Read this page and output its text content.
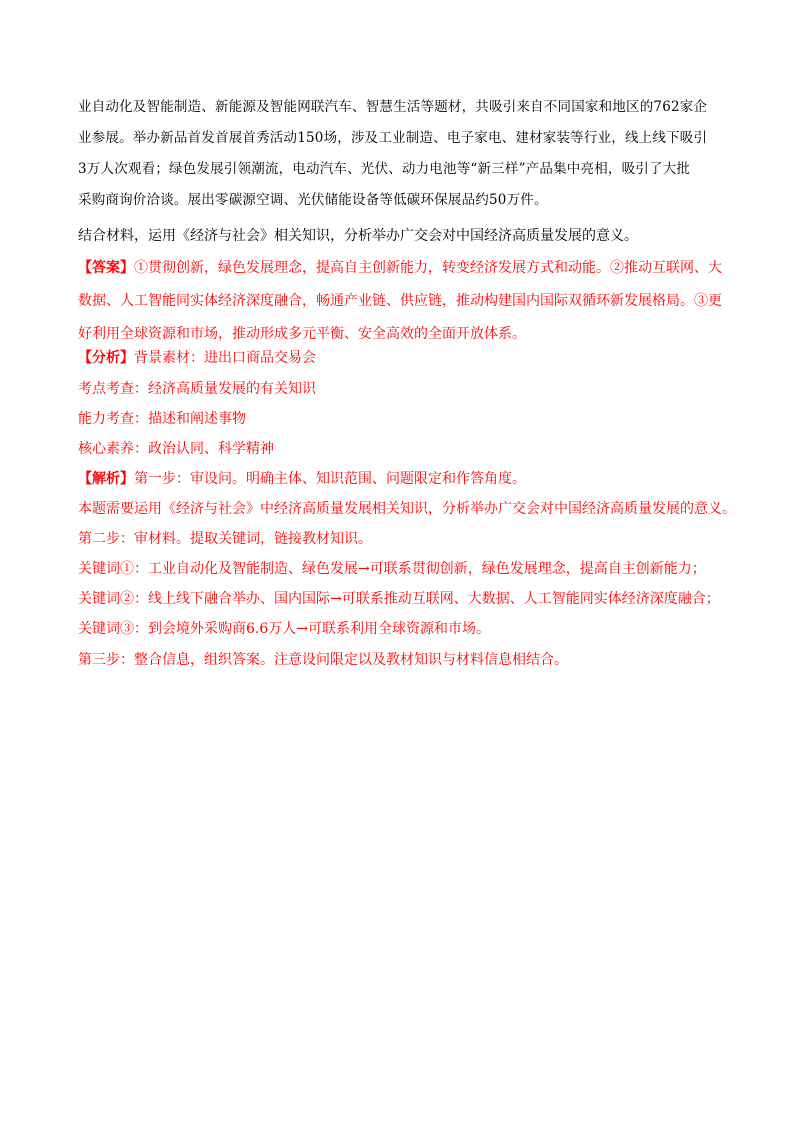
业自动化及智能制造、新能源及智能网联汽车、智慧生活等题材，共吸引来自不同国家和地区的762家企
业参展。举办新品首发首展首秀活动150场，涉及工业制造、电子家电、建材家装等行业，线上线下吸引
3万人次观看；绿色发展引领潮流，电动汽车、光伏、动力电池等“新三样”产品集中亮相，吸引了大批
采购商询价洽谈。展出零碳源空调、光伏储能设备等低碳环保展品约50万件。
结合材料，运用《经济与社会》相关知识，分析举办广交会对中国经济高质量发展的意义。
【答案】①贯彻创新，绿色发展理念，提高自主创新能力，转变经济发展方式和动能。②推动互联网、大
数据、人工智能同实体经济深度融合，畅通产业链、供应链，推动构建国内国际双循环新发展格局。③更
好利用全球资源和市场，推动形成多元平衡、安全高效的全面开放体系。
【分析】背景素材：进出口商品交易会
考点考查：经济高质量发展的有关知识
能力考查：描述和阐述事物
核心素养：政治认同、科学精神
【解析】第一步：审设问。明确主体、知识范围、问题限定和作答角度。
本题需要运用《经济与社会》中经济高质量发展相关知识，分析举办广交会对中国经济高质量发展的意义。
第二步：审材料。提取关键词，链接教材知识。
关键词①：工业自动化及智能制造、绿色发展→可联系贯彻创新，绿色发展理念，提高自主创新能力；
关键词②：线上线下融合举办、国内国际→可联系推动互联网、大数据、人工智能同实体经济深度融合；
关键词③：到会境外采购商6.6万人→可联系利用全球资源和市场。
第三步：整合信息，组织答案。注意设问限定以及教材知识与材料信息相结合。
